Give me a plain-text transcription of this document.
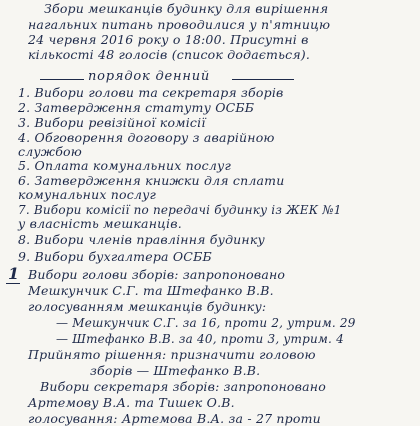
Збори мешканців будинку для вирішення
нагальних питань проводилися у п'ятницю
24 червня 2016 року о 18:00. Присутні в
кількості 48 голосів (список додається).
порядок денний
1. Вибори голови та секретаря зборів
2. Затвердження статуту ОСББ
3. Вибори ревізійної комісії
4. Обговорення договору з аварійною
службою
5. Оплата комунальних послуг
6. Затвердження книжки для сплати
комунальних послуг
7. Вибори комісії по передачі будинку із ЖЕК №1
у власність мешканців.
8. Вибори членів правління будинку
9. Вибори бухгалтера ОСББ
1 Вибори голови зборів: запропоновано
Мешкунчик С.Г. та Штефанко В.В.
голосуванням мешканців будинку:
— Мешкунчик С.Г. за 16, проти 2, утрим. 29
— Штефанко В.В. за 40, проти 3, утрим. 4
Прийнято рішення: призначити головою
зборів — Штефанко В.В.
Вибори секретаря зборів: запропоновано
Артемову В.А. та Тишек О.В.
голосування: Артемова В.А. за - 27 проти
